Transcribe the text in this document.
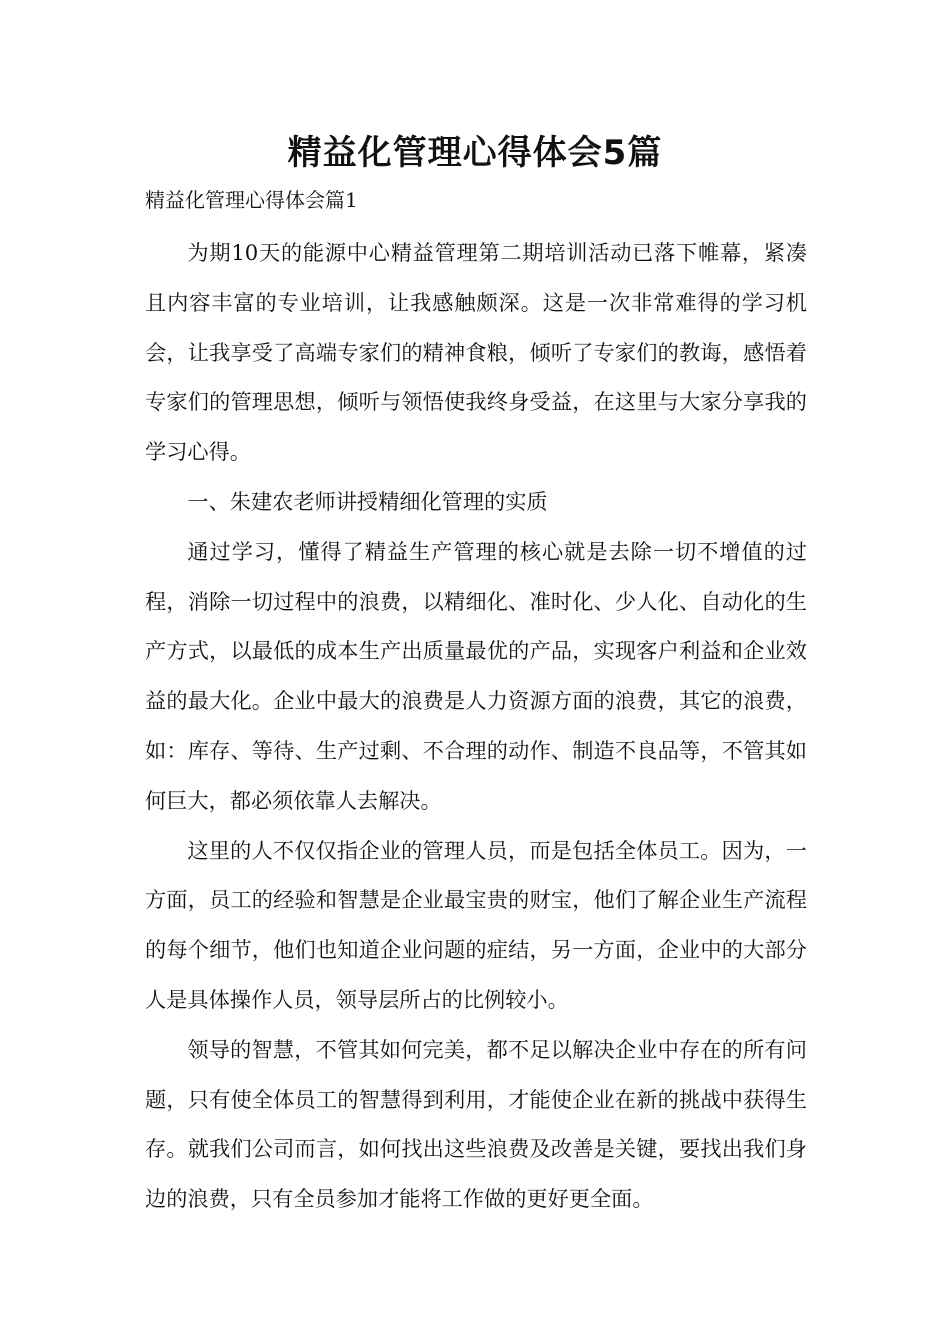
精益化管理心得体会5篇
精益化管理心得体会篇1

为期10天的能源中心精益管理第二期培训活动已落下帷幕，紧凑且内容丰富的专业培训，让我感触颇深。这是一次非常难得的学习机会，让我享受了高端专家们的精神食粮，倾听了专家们的教诲，感悟着专家们的管理思想，倾听与领悟使我终身受益，在这里与大家分享我的学习心得。

一、朱建农老师讲授精细化管理的实质

通过学习，懂得了精益生产管理的核心就是去除一切不增值的过程，消除一切过程中的浪费，以精细化、准时化、少人化、自动化的生产方式，以最低的成本生产出质量最优的产品，实现客户利益和企业效益的最大化。企业中最大的浪费是人力资源方面的浪费，其它的浪费，如：库存、等待、生产过剩、不合理的动作、制造不良品等，不管其如何巨大，都必须依靠人去解决。

这里的人不仅仅指企业的管理人员，而是包括全体员工。因为，一方面，员工的经验和智慧是企业最宝贵的财宝，他们了解企业生产流程的每个细节，他们也知道企业问题的症结，另一方面，企业中的大部分人是具体操作人员，领导层所占的比例较小。

领导的智慧，不管其如何完美，都不足以解决企业中存在的所有问题，只有使全体员工的智慧得到利用，才能使企业在新的挑战中获得生存。就我们公司而言，如何找出这些浪费及改善是关键，要找出我们身边的浪费，只有全员参加才能将工作做的更好更全面。
